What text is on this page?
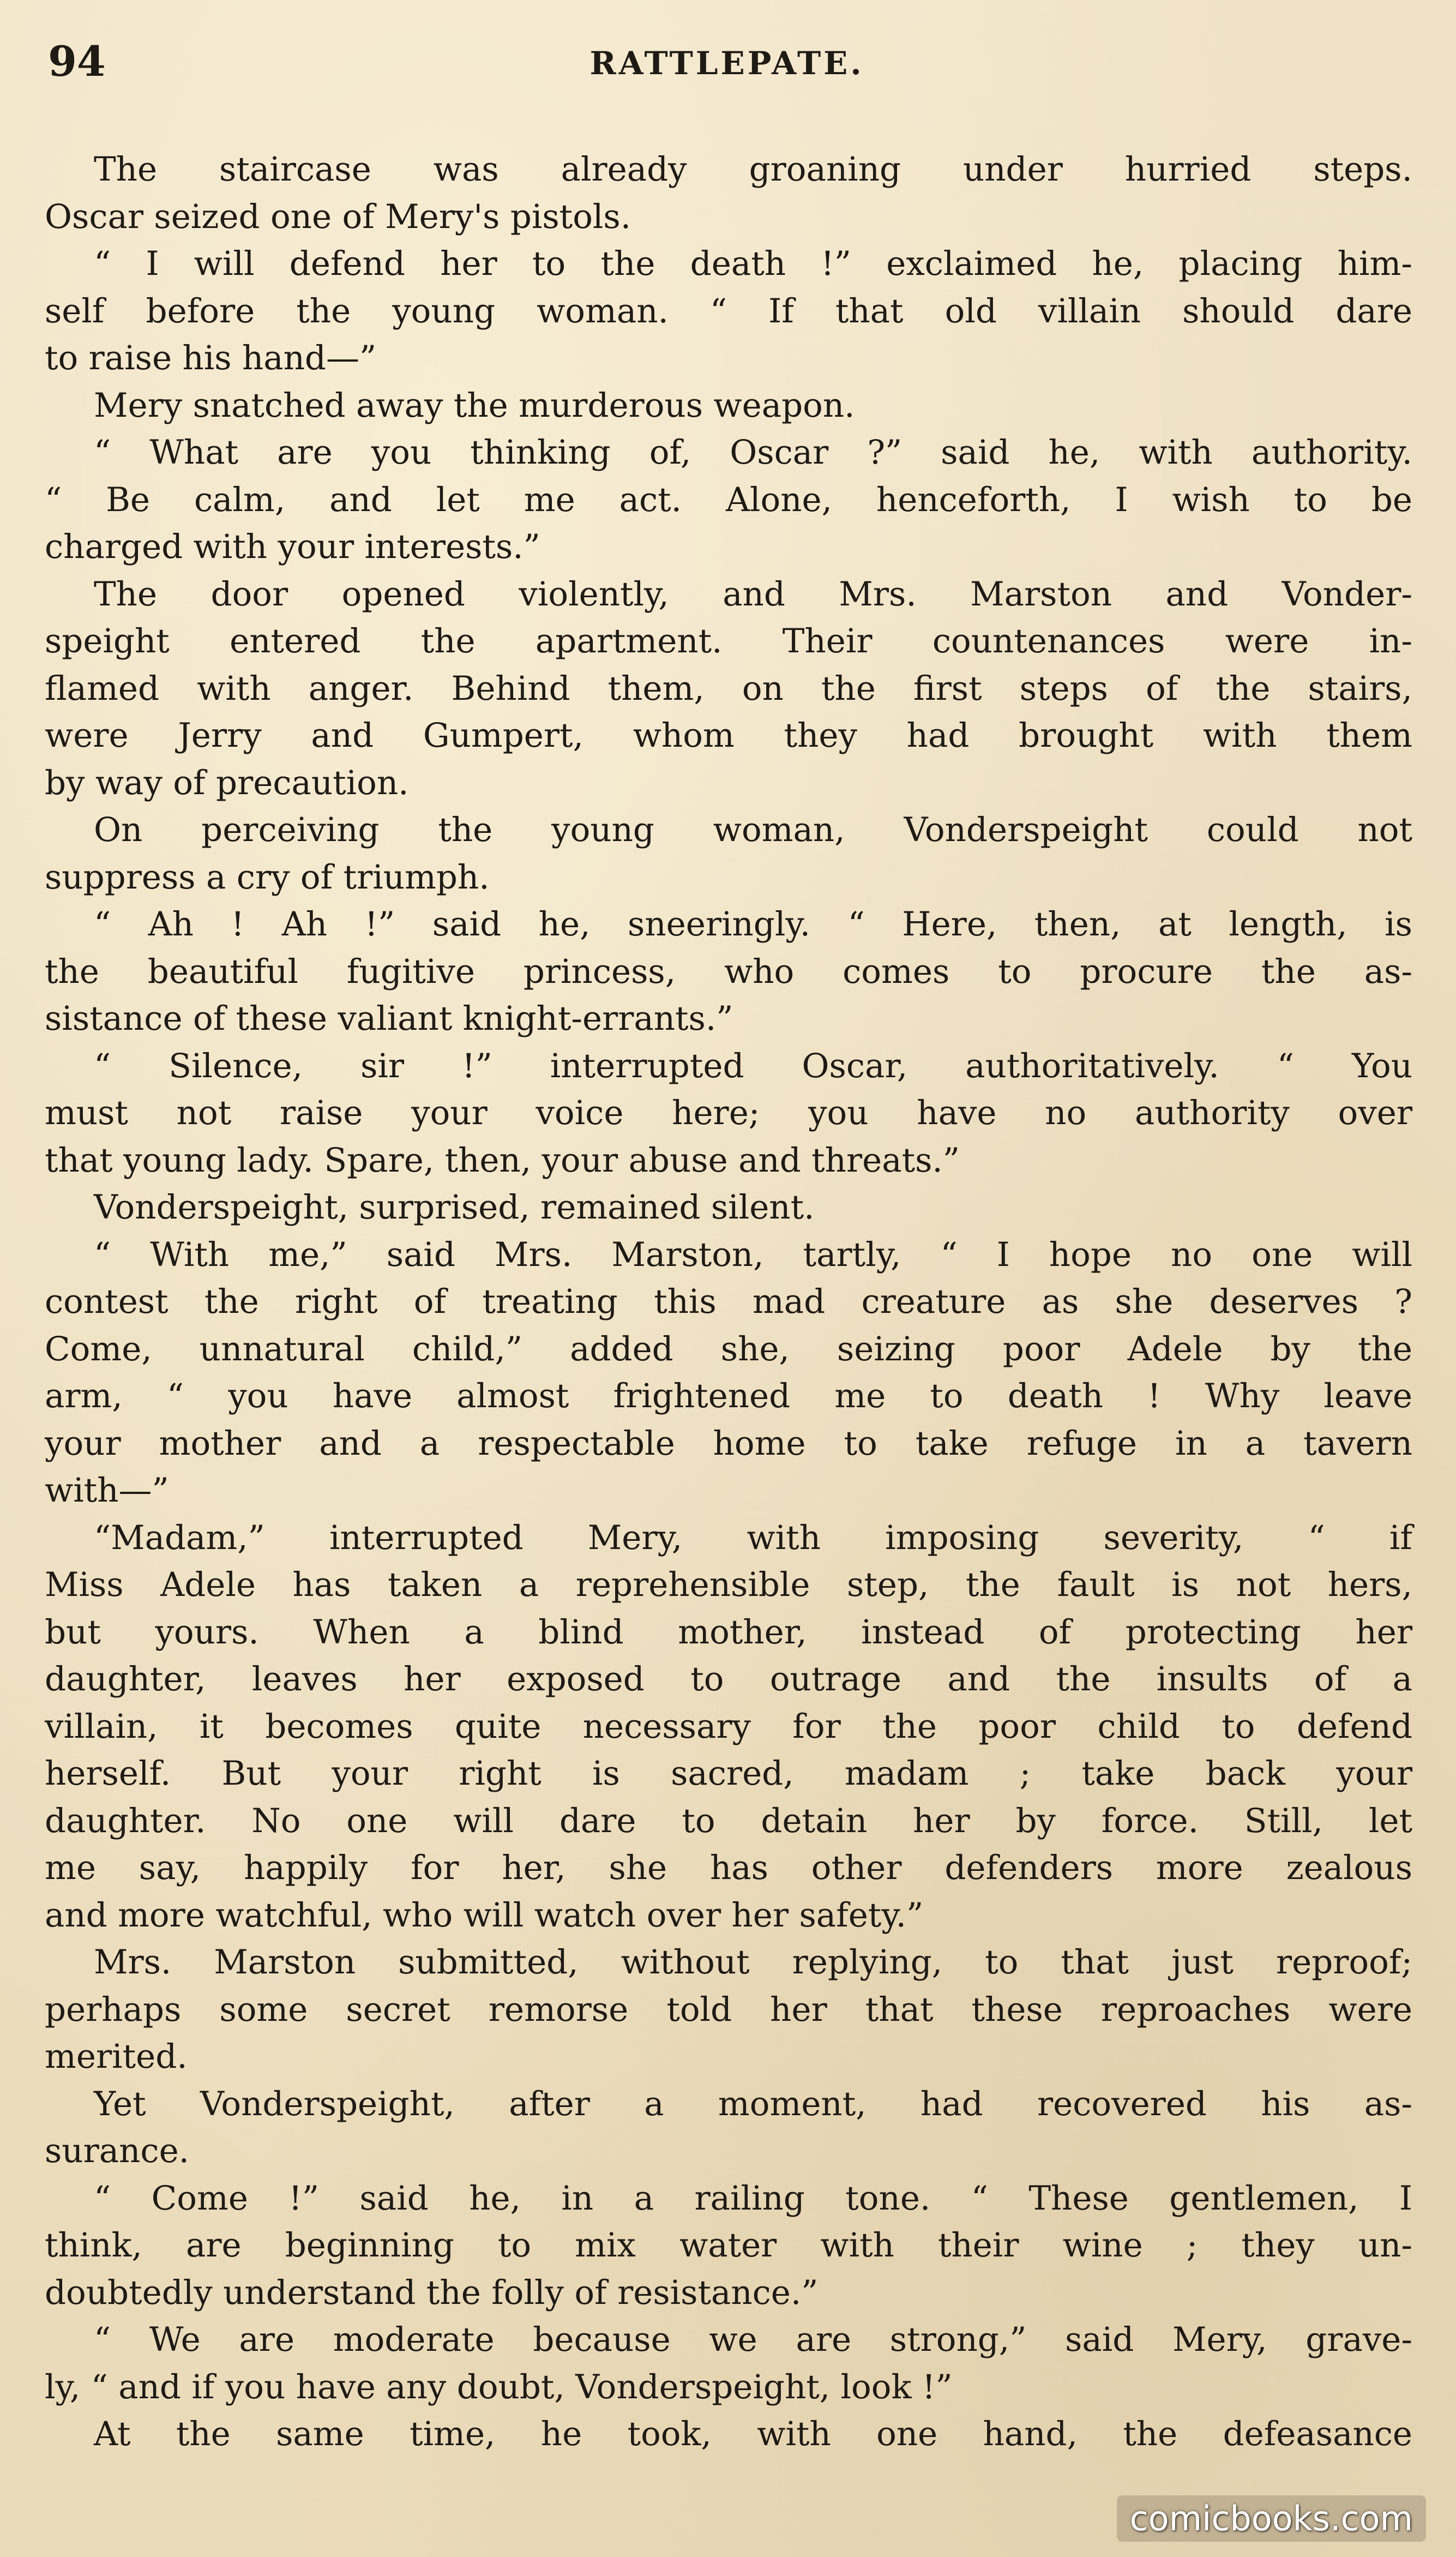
94	RATTLEPATE.
The staircase was already groaning under hurried steps.
Oscar seized one of Mery's pistols.
“ I will defend her to the death !” exclaimed he, placing him-
self before the young woman. “ If that old villain should dare
to raise his hand—”
Mery snatched away the murderous weapon.
“ What are you thinking of, Oscar ?” said he, with authority.
“ Be calm, and let me act. Alone, henceforth, I wish to be
charged with your interests.”
The door opened violently, and Mrs. Marston and Vonder-
speight entered the apartment. Their countenances were in-
flamed with anger. Behind them, on the first steps of the stairs,
were Jerry and Gumpert, whom they had brought with them
by way of precaution.
On perceiving the young woman, Vonderspeight could not
suppress a cry of triumph.
“ Ah ! Ah !” said he, sneeringly. “ Here, then, at length, is
the beautiful fugitive princess, who comes to procure the as-
sistance of these valiant knight-errants.”
“ Silence, sir !” interrupted Oscar, authoritatively. “ You
must not raise your voice here; you have no authority over
that young lady. Spare, then, your abuse and threats.”
Vonderspeight, surprised, remained silent.
“ With me,” said Mrs. Marston, tartly, “ I hope no one will
contest the right of treating this mad creature as she deserves ?
Come, unnatural child,” added she, seizing poor Adele by the
arm, “ you have almost frightened me to death ! Why leave
your mother and a respectable home to take refuge in a tavern
with—”
“Madam,” interrupted Mery, with imposing severity, “ if
Miss Adele has taken a reprehensible step, the fault is not hers,
but yours. When a blind mother, instead of protecting her
daughter, leaves her exposed to outrage and the insults of a
villain, it becomes quite necessary for the poor child to defend
herself. But your right is sacred, madam ; take back your
daughter. No one will dare to detain her by force. Still, let
me say, happily for her, she has other defenders more zealous
and more watchful, who will watch over her safety.”
Mrs. Marston submitted, without replying, to that just reproof;
perhaps some secret remorse told her that these reproaches were
merited.
Yet Vonderspeight, after a moment, had recovered his as-
surance.
“ Come !” said he, in a railing tone. “ These gentlemen, I
think, are beginning to mix water with their wine ; they un-
doubtedly understand the folly of resistance.”
“ We are moderate because we are strong,” said Mery, grave-
ly, “ and if you have any doubt, Vonderspeight, look !”
At the same time, he took, with one hand, the defeasance
comicbooks.com
